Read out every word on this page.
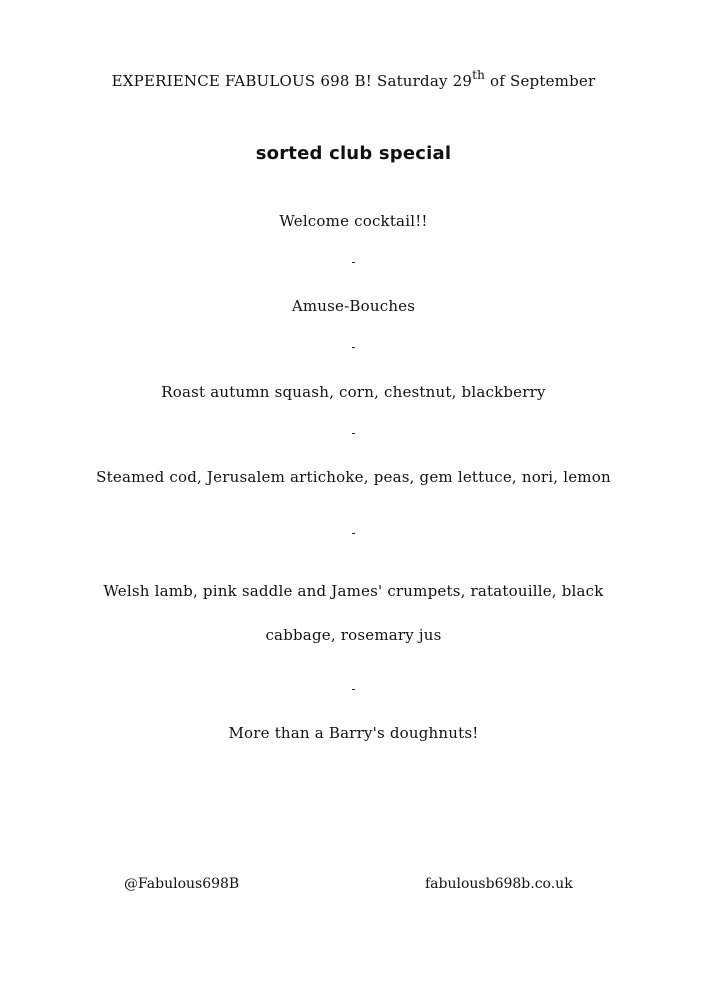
EXPERIENCE FABULOUS 698 B! Saturday 29th of September
sorted club special
Welcome cocktail!!
-
Amuse-Bouches
-
Roast autumn squash, corn, chestnut, blackberry
-
Steamed cod, Jerusalem artichoke, peas, gem lettuce, nori, lemon
-
Welsh lamb, pink saddle and James' crumpets, ratatouille, black
cabbage, rosemary jus
-
More than a Barry's doughnuts!
@Fabulous698B	fabulousb698b.co.uk
